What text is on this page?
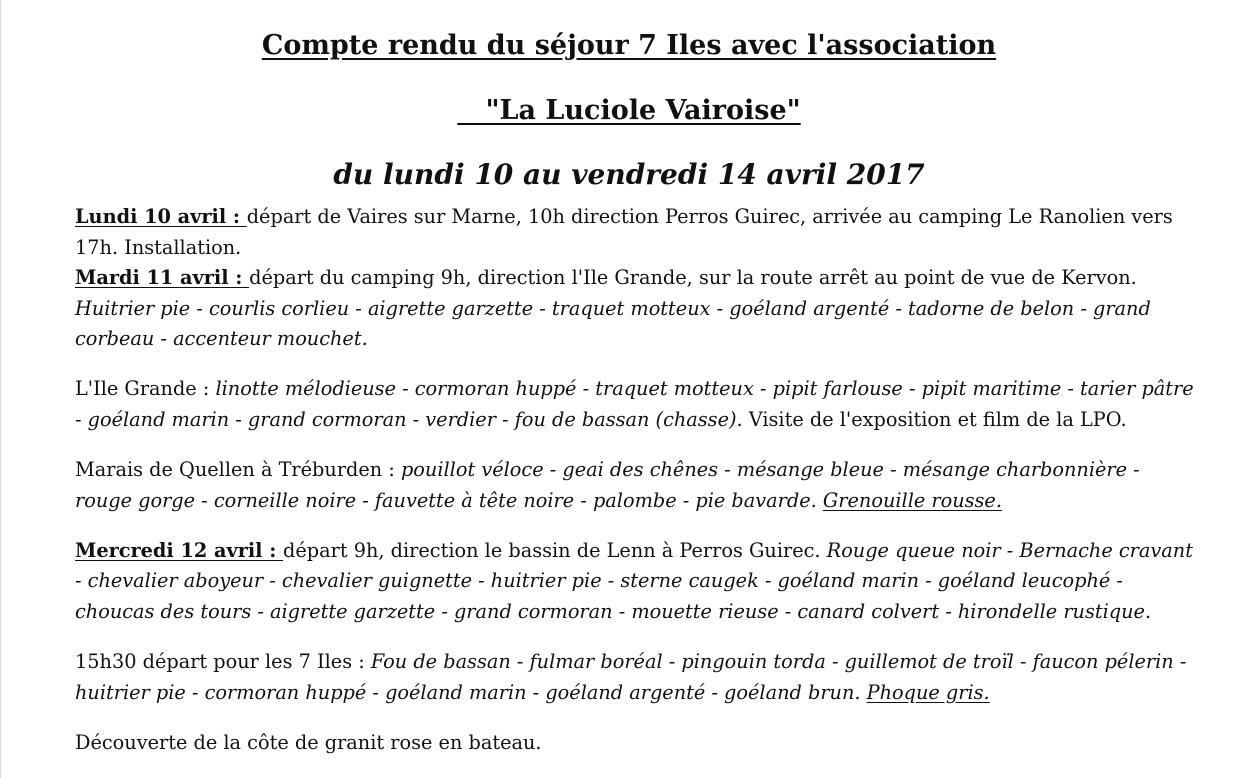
Compte rendu du séjour 7 Iles avec l'association
"La Luciole Vairoise"
du lundi 10 au vendredi 14 avril 2017

Lundi 10 avril : départ de Vaires sur Marne, 10h direction Perros Guirec, arrivée au camping Le Ranolien vers 17h. Installation.

Mardi 11 avril : départ du camping 9h, direction l'Ile Grande, sur la route arrêt au point de vue de Kervon. Huitrier pie - courlis corlieu - aigrette garzette - traquet motteux - goéland argenté - tadorne de belon - grand corbeau - accenteur mouchet.

L'Ile Grande : linotte mélodieuse - cormoran huppé - traquet motteux - pipit farlouse - pipit maritime - tarier pâtre - goéland marin - grand cormoran - verdier - fou de bassan (chasse). Visite de l'exposition et film de la LPO.

Marais de Quellen à Tréburden : pouillot véloce - geai des chênes - mésange bleue - mésange charbonnière - rouge gorge - corneille noire - fauvette à tête noire - palombe - pie bavarde. Grenouille rousse.

Mercredi 12 avril : départ 9h, direction le bassin de Lenn à Perros Guirec. Rouge queue noir - Bernache cravant - chevalier aboyeur - chevalier guignette - huitrier pie - sterne caugek - goéland marin - goéland leucophé - choucas des tours - aigrette garzette - grand cormoran - mouette rieuse - canard colvert - hirondelle rustique.

15h30 départ pour les 7 Iles : Fou de bassan - fulmar boréal - pingouin torda - guillemot de troïl - faucon pélerin - huitrier pie - cormoran huppé - goéland marin - goéland argenté - goéland brun. Phoque gris.

Découverte de la côte de granit rose en bateau.
